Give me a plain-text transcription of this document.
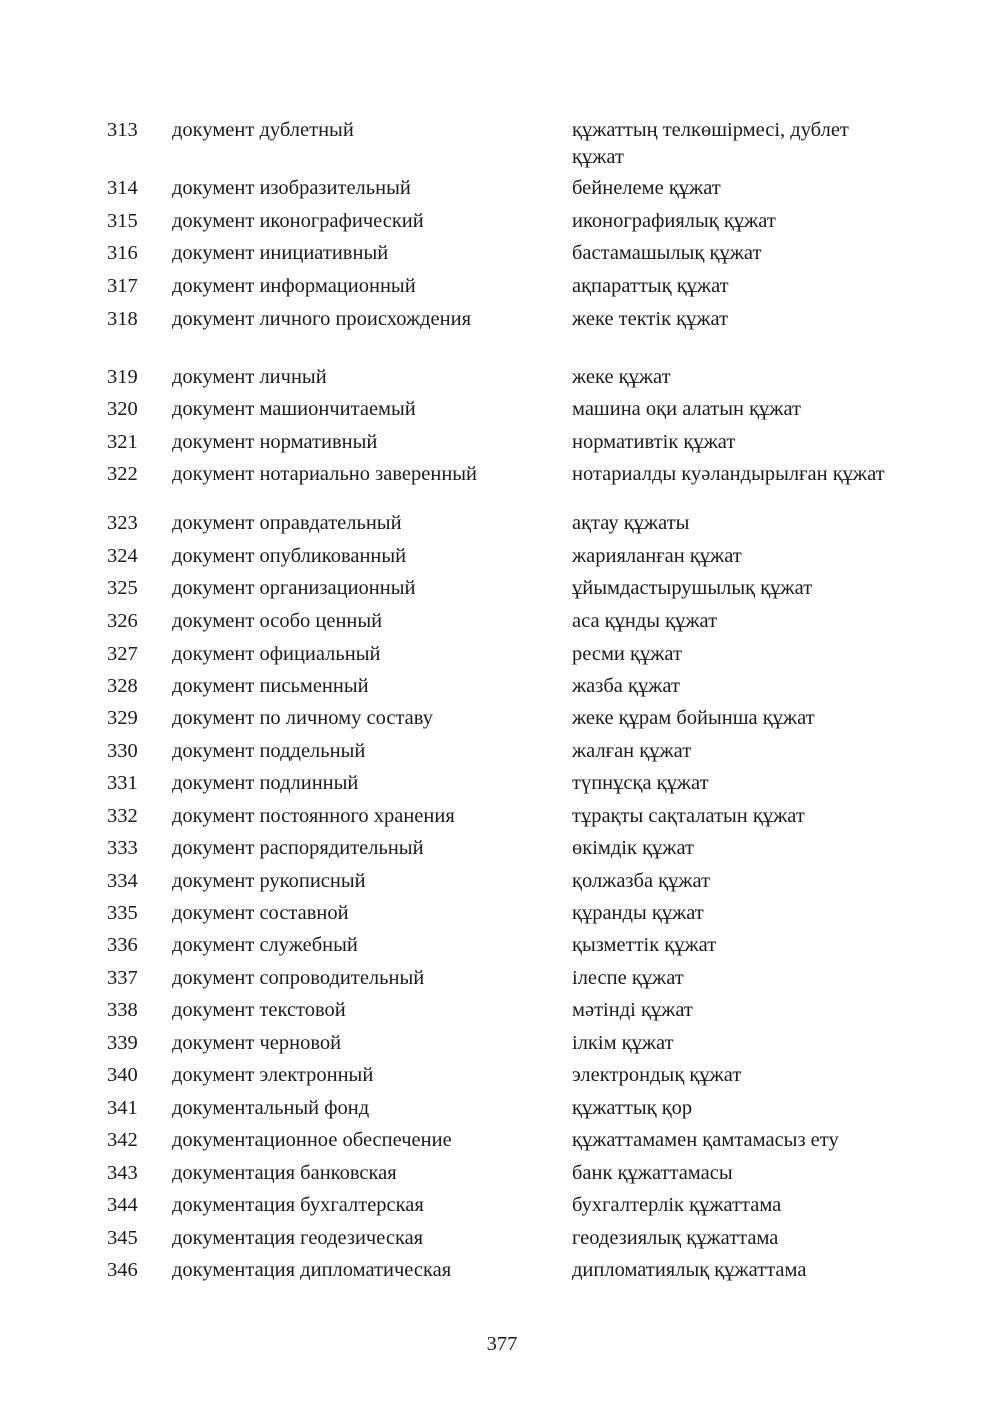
313	документ дублетный	құжаттың телкөшірмесі, дублет құжат
314	документ изобразительный	бейнелеме құжат
315	документ иконографический	иконографиялық құжат
316	документ инициативный	бастамашылық құжат
317	документ информационный	ақпараттық құжат
318	документ личного происхождения	жеке тектік құжат
319	документ личный	жеке құжат
320	документ машиончитаемый	машина оқи алатын құжат
321	документ нормативный	нормативтік құжат
322	документ нотариально заверенный	нотариалды куәландырылған құжат
323	документ оправдательный	ақтау құжаты
324	документ опубликованный	жарияланған құжат
325	документ организационный	ұйымдастырушылық құжат
326	документ особо ценный	аса құнды құжат
327	документ официальный	ресми құжат
328	документ письменный	жазба құжат
329	документ по личному составу	жеке құрам бойынша құжат
330	документ поддельный	жалған құжат
331	документ подлинный	түпнұсқа құжат
332	документ постоянного хранения	тұрақты сақталатын құжат
333	документ распорядительный	өкімдік құжат
334	документ рукописный	қолжазба құжат
335	документ составной	құранды құжат
336	документ служебный	қызметтік құжат
337	документ сопроводительный	ілеспе құжат
338	документ текстовой	мәтінді құжат
339	документ черновой	ілкім құжат
340	документ электронный	электрондық құжат
341	документальный фонд	құжаттық қор
342	документационное обеспечение	құжаттамамен қамтамасыз ету
343	документация банковская	банк құжаттамасы
344	документация бухгалтерская	бухгалтерлік құжаттама
345	документация геодезическая	геодезиялық құжаттама
346	документация дипломатическая	дипломатиялық құжаттама
377
